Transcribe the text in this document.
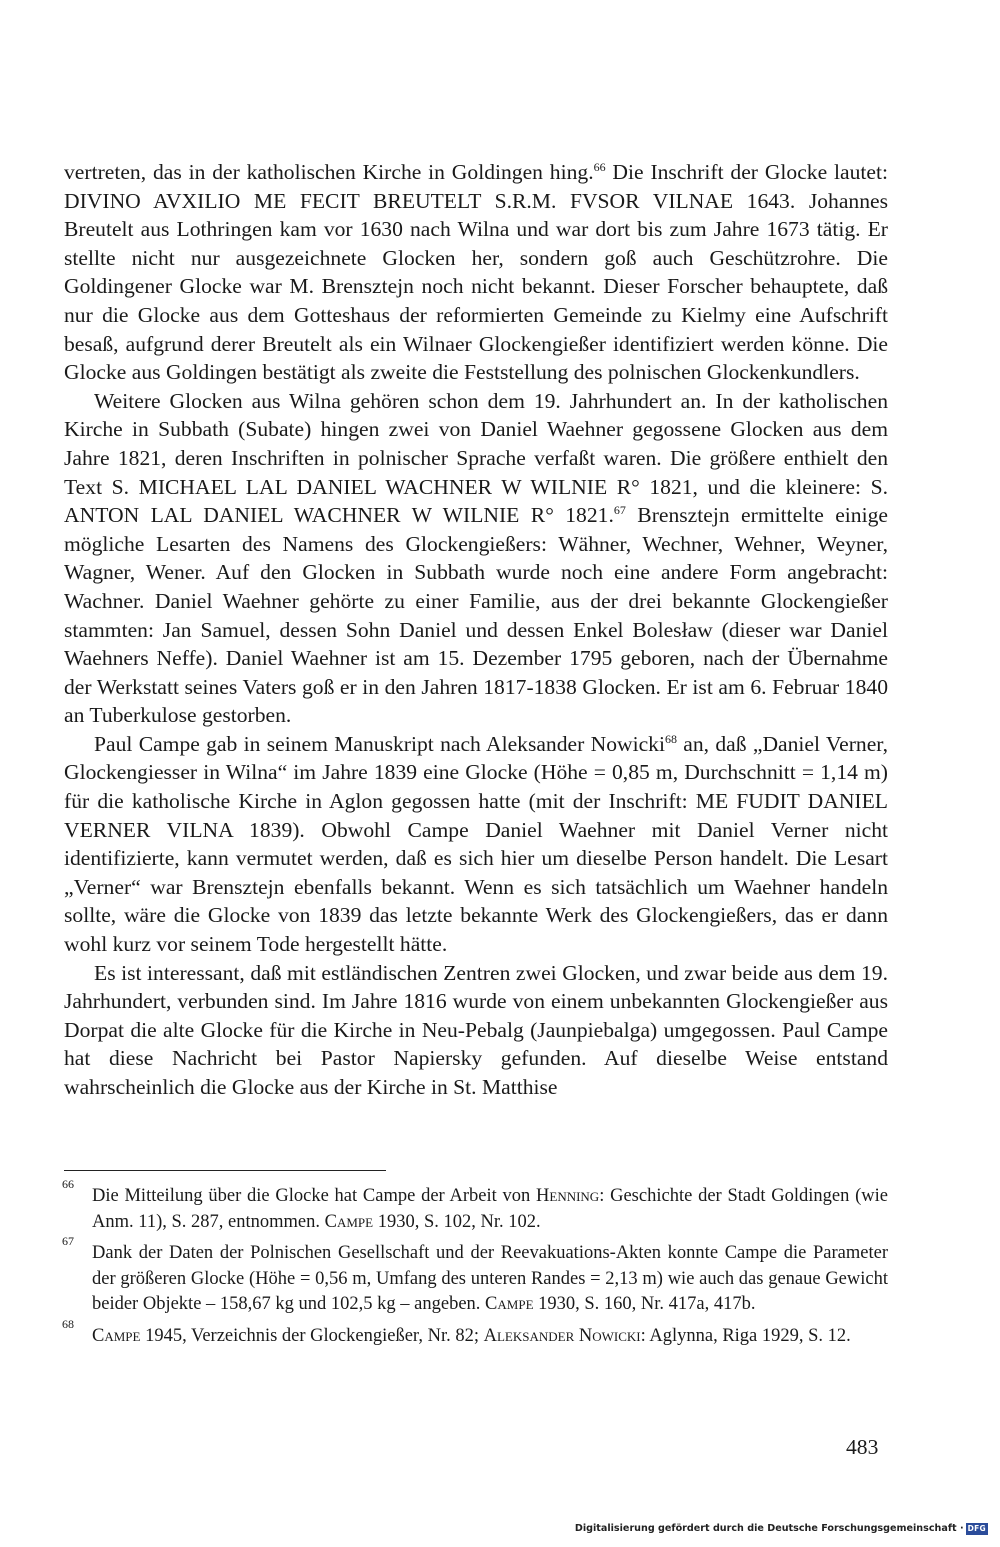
vertreten, das in der katholischen Kirche in Goldingen hing.$^{66}$ Die Inschrift der Glocke lautet: DIVINO AVXILIO ME FECIT BREUTELT S.R.M. FVSOR VILNAE 1643. Johannes Breutelt aus Lothringen kam vor 1630 nach Wilna und war dort bis zum Jahre 1673 tätig. Er stellte nicht nur ausgezeichnete Glocken her, sondern goß auch Geschützrohre. Die Goldingener Glocke war M. Brensztejn noch nicht bekannt. Dieser Forscher behauptete, daß nur die Glocke aus dem Gotteshaus der reformierten Gemeinde zu Kielmy eine Aufschrift besaß, aufgrund derer Breutelt als ein Wilnaer Glockengießer identifiziert werden könne. Die Glocke aus Goldingen bestätigt als zweite die Feststellung des polnischen Glockenkundlers.

Weitere Glocken aus Wilna gehören schon dem 19. Jahrhundert an. In der katholischen Kirche in Subbath (Subate) hingen zwei von Daniel Waehner gegossene Glocken aus dem Jahre 1821, deren Inschriften in polnischer Sprache verfaßt waren. Die größere enthielt den Text S. MICHAEL LAL DANIEL WACHNER W WILNIE R° 1821, und die kleinere: S. ANTON LAL DANIEL WACHNER W WILNIE R° 1821.67 Brensztejn ermittelte einige mögliche Lesarten des Namens des Glockengießers: Wähner, Wechner, Wehner, Weyner, Wagner, Wener. Auf den Glocken in Subbath wurde noch eine andere Form angebracht: Wachner. Daniel Waehner gehörte zu einer Familie, aus der drei bekannte Glockengießer stammten: Jan Samuel, dessen Sohn Daniel und dessen Enkel Bolesław (dieser war Daniel Waehners Neffe). Daniel Waehner ist am 15. Dezember 1795 geboren, nach der Übernahme der Werkstatt seines Vaters goß er in den Jahren 1817-1838 Glocken. Er ist am 6. Februar 1840 an Tuberkulose gestorben.

Paul Campe gab in seinem Manuskript nach Aleksander Nowicki$^{68}$ an, daß „Daniel Verner, Glockengiesser in Wilna“ im Jahre 1839 eine Glocke (Höhe = 0,85 m, Durchschnitt = 1,14 m) für die katholische Kirche in Aglon gegossen hatte (mit der Inschrift: ME FUDIT DANIEL VERNER VILNA 1839). Obwohl Campe Daniel Waehner mit Daniel Verner nicht identifizierte, kann vermutet werden, daß es sich hier um dieselbe Person handelt. Die Lesart „Verner“ war Brensztejn ebenfalls bekannt. Wenn es sich tatsächlich um Waehner handeln sollte, wäre die Glocke von 1839 das letzte bekannte Werk des Glockengießers, das er dann wohl kurz vor seinem Tode hergestellt hätte.

Es ist interessant, daß mit estländischen Zentren zwei Glocken, und zwar beide aus dem 19. Jahrhundert, verbunden sind. Im Jahre 1816 wurde von einem unbekannten Glockengießer aus Dorpat die alte Glocke für die Kirche in Neu-Pebalg (Jaunpiebalga) umgegossen. Paul Campe hat diese Nachricht bei Pastor Napiersky gefunden. Auf dieselbe Weise entstand wahrscheinlich die Glocke aus der Kirche in St. Matthise

66
Die Mitteilung über die Glocke hat Campe der Arbeit von Henning: Geschichte der Stadt Goldingen (wie Anm. 11), S. 287, entnommen. Campe 1930, S. 102, Nr. 102.

67
Dank der Daten der Polnischen Gesellschaft und der Reevakuations-Akten konnte Campe die Parameter der größeren Glocke (Höhe = 0,56 m, Umfang des unteren Randes = 2,13 m) wie auch das genaue Gewicht beider Objekte – 158,67 kg und 102,5 kg – angeben. Campe 1930, S. 160, Nr. 417a, 417b.

68
Campe 1945, Verzeichnis der Glockengießer, Nr. 82; Aleksander Nowicki: Aglynna, Riga 1929, S. 12.

483
Digitalisierung gefördert durch die Deutsche Forschungsgemeinschaft · DFG
